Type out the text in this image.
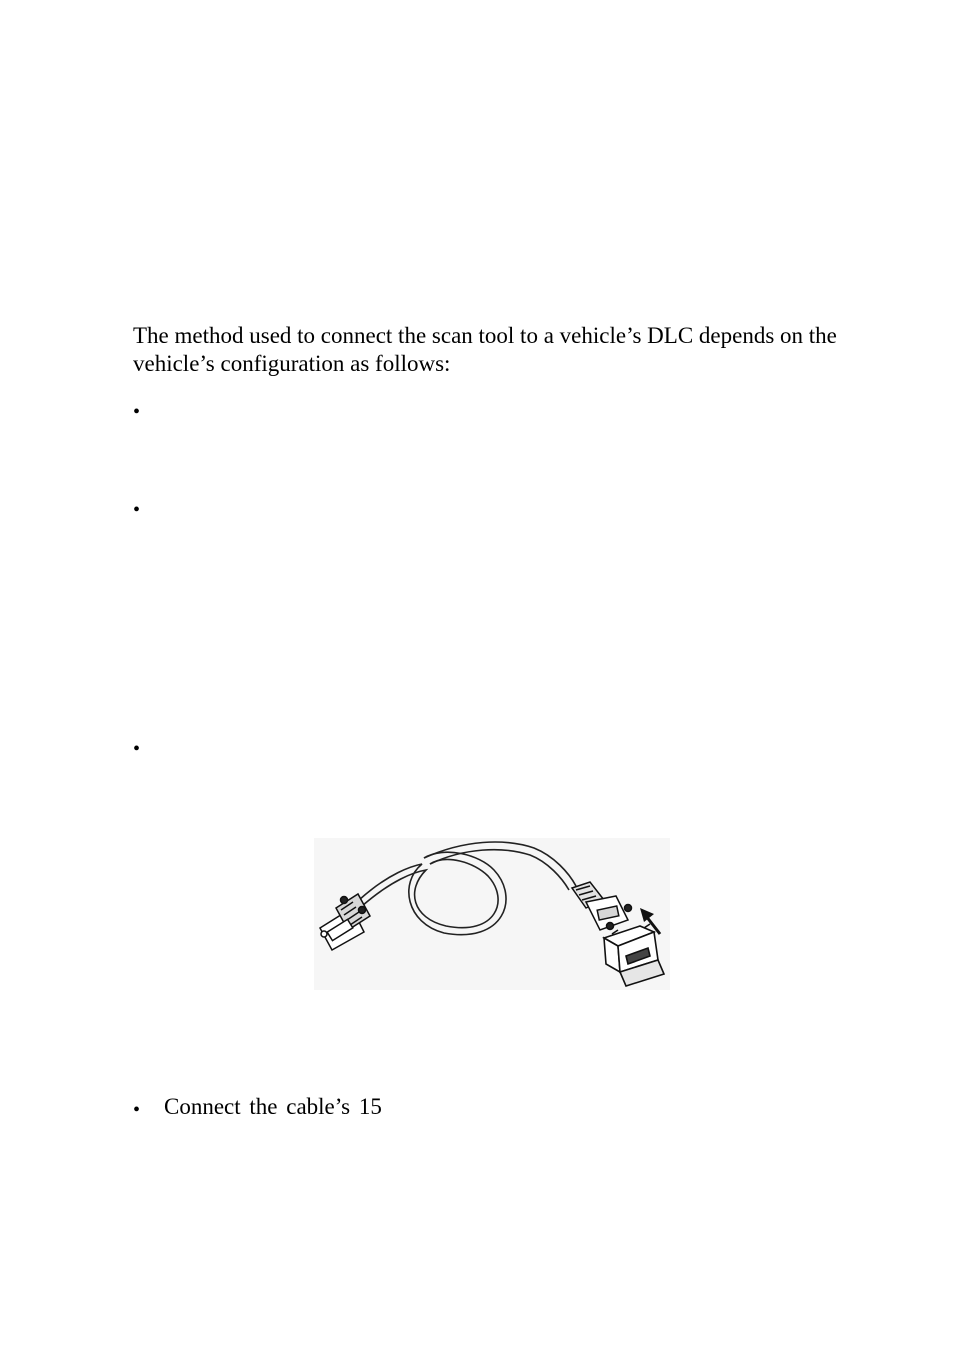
The method used to connect the scan tool to a vehicle’s DLC depends on the vehicle’s configuration as follows:

•
•
•
• Connect the cable’s 15
